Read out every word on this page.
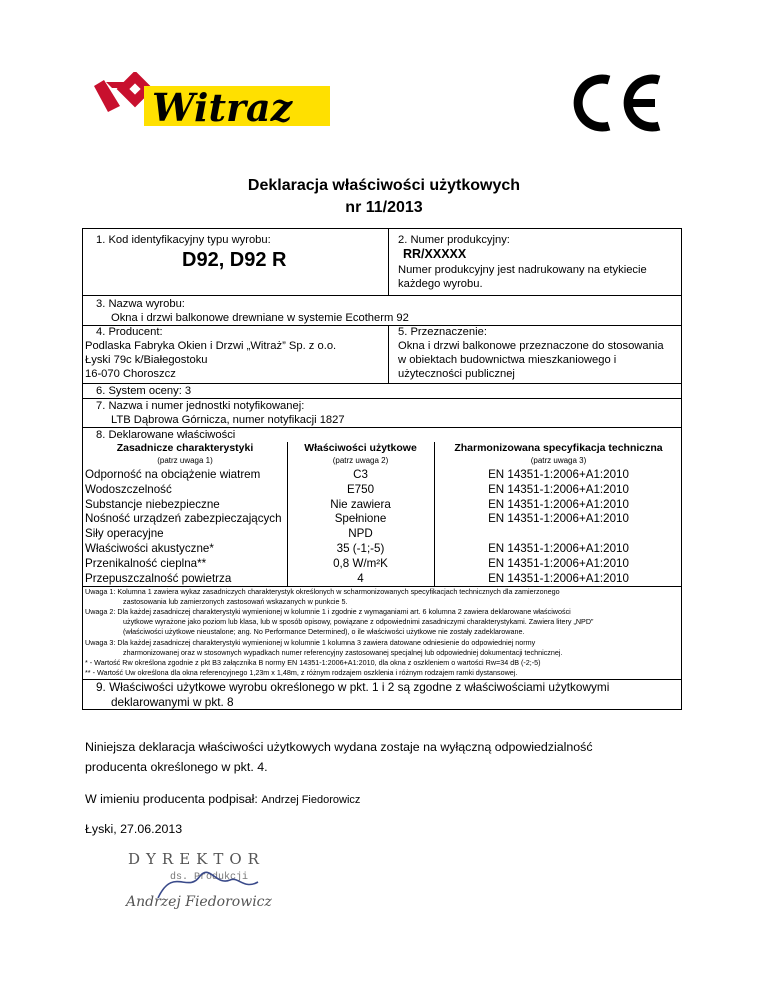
Witraz
Deklaracja właściwości użytkowych
nr 11/2013
1. Kod identyfikacyjny typu wyrobu:
D92, D92 R
2. Numer produkcyjny:
RR/XXXXX
Numer produkcyjny jest nadrukowany na etykiecie
każdego wyrobu.
3. Nazwa wyrobu:
Okna i drzwi balkonowe drewniane w systemie Ecotherm 92
4. Producent:
Podlaska Fabryka Okien i Drzwi „Witraż” Sp. z o.o.
Łyski 79c k/Białegostoku
16-070 Choroszcz
5. Przeznaczenie:
Okna i drzwi balkonowe przeznaczone do stosowania
w obiektach budownictwa mieszkaniowego i
użyteczności publicznej
6. System oceny: 3
7. Nazwa i numer jednostki notyfikowanej:
LTB Dąbrowa Górnicza, numer notyfikacji 1827
8. Deklarowane właściwości
Zasadnicze charakterystyki
(patrz uwaga 1)
Właściwości użytkowe
(patrz uwaga 2)
Zharmonizowana specyfikacja techniczna
(patrz uwaga 3)
Odporność na obciążenie wiatrem	C3	EN 14351-1:2006+A1:2010
Wodoszczelność	E750	EN 14351-1:2006+A1:2010
Substancje niebezpieczne	Nie zawiera	EN 14351-1:2006+A1:2010
Nośność urządzeń zabezpieczających	Spełnione	EN 14351-1:2006+A1:2010
Siły operacyjne	NPD
Właściwości akustyczne*	35 (-1;-5)	EN 14351-1:2006+A1:2010
Przenikalność cieplna**	0,8 W/m²K	EN 14351-1:2006+A1:2010
Przepuszczalność powietrza	4	EN 14351-1:2006+A1:2010
Uwaga 1: Kolumna 1 zawiera wykaz zasadniczych charakterystyk określonych w scharmonizowanych specyfikacjach technicznych dla zamierzonego
zastosowania lub zamierzonych zastosowań wskazanych w punkcie 5.
Uwaga 2: Dla każdej zasadniczej charakterystyki wymienionej w kolumnie 1 i zgodnie z wymaganiami art. 6 kolumna 2 zawiera deklarowane właściwości
użytkowe wyrażone jako poziom lub klasa, lub w sposób opisowy, powiązane z odpowiednimi zasadniczymi charakterystykami. Zawiera litery „NPD”
(właściwości użytkowe nieustalone; ang. No Performance Determined), o ile właściwości użytkowe nie zostały zadeklarowane.
Uwaga 3: Dla każdej zasadniczej charakterystyki wymienionej w kolumnie 1 kolumna 3 zawiera datowane odniesienie do odpowiedniej normy
zharmonizowanej oraz w stosownych wypadkach numer referencyjny zastosowanej specjalnej lub odpowiedniej dokumentacji technicznej.
* - Wartość Rw określona zgodnie z pkt B3 załącznika B normy EN 14351-1:2006+A1:2010, dla okna z oszkleniem o wartości Rw=34 dB (-2;-5)
** - Wartość Uw określona dla okna referencyjnego 1,23m x 1,48m, z różnym rodzajem oszklenia i różnym rodzajem ramki dystansowej.
9. Właściwości użytkowe wyrobu określonego w pkt. 1 i 2 są zgodne z właściwościami użytkowymi
deklarowanymi w pkt. 8
Niniejsza deklaracja właściwości użytkowych wydana zostaje na wyłączną odpowiedzialność
producenta określonego w pkt. 4.
W imieniu producenta podpisał: Andrzej Fiedorowicz
Łyski, 27.06.2013
DYREKTOR
ds. Produkcji
Andrzej Fiedorowicz
